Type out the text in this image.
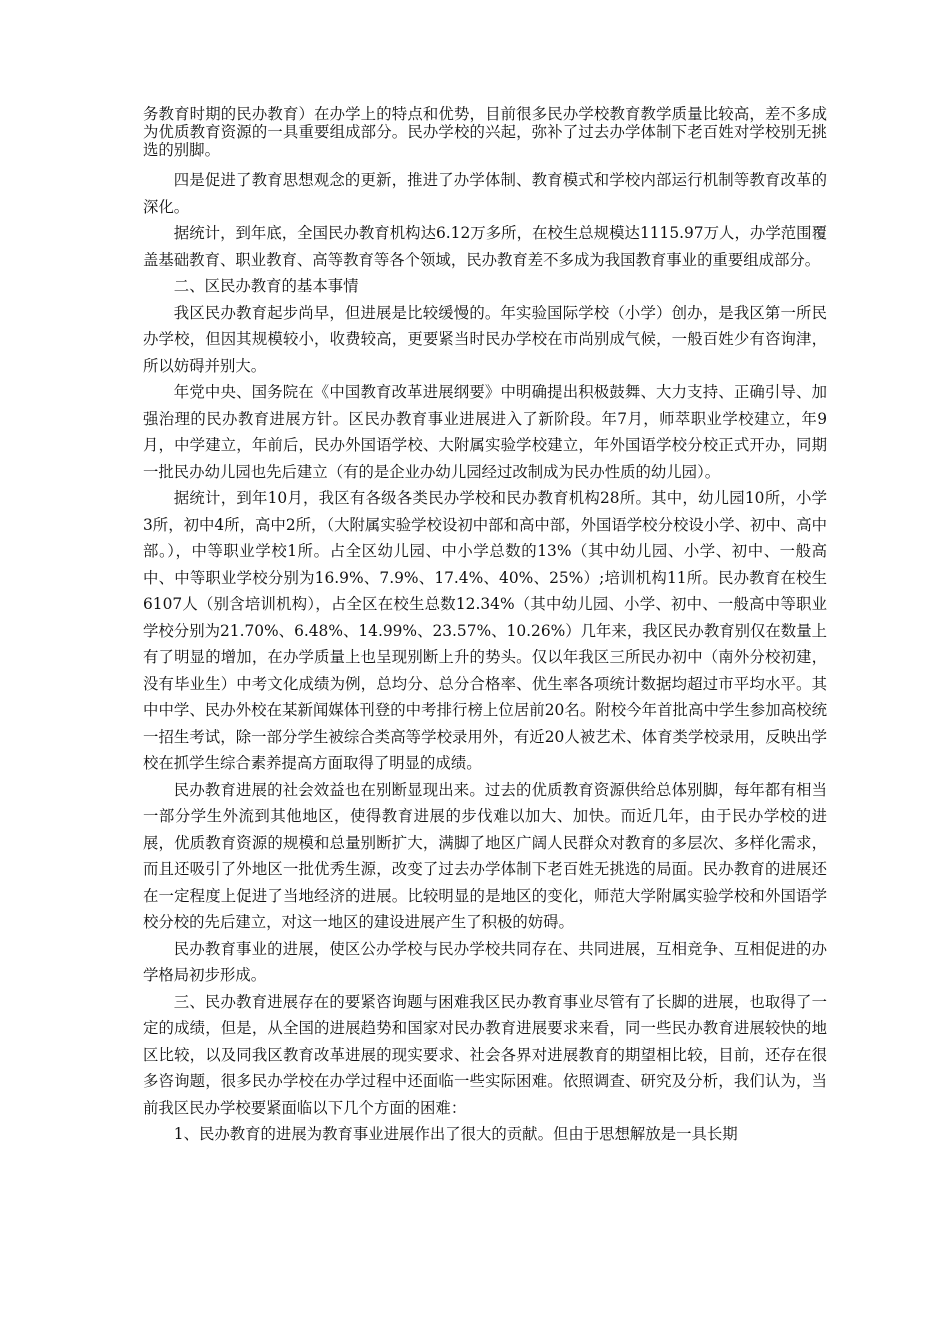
务教育时期的民办教育）在办学上的特点和优势，目前很多民办学校教育教学质量比较高，差不多成为优质教育资源的一具重要组成部分。民办学校的兴起，弥补了过去办学体制下老百姓对学校别无挑选的别脚。

四是促进了教育思想观念的更新，推进了办学体制、教育模式和学校内部运行机制等教育改革的深化。

据统计，到年底，全国民办教育机构达6.12万多所，在校生总规模达1115.97万人，办学范围覆盖基础教育、职业教育、高等教育等各个领域，民办教育差不多成为我国教育事业的重要组成部分。

二、区民办教育的基本事情

我区民办教育起步尚早，但进展是比较缓慢的。年实验国际学校（小学）创办，是我区第一所民办学校，但因其规模较小，收费较高，更要紧当时民办学校在市尚别成气候，一般百姓少有咨询津，所以妨碍并别大。

年党中央、国务院在《中国教育改革进展纲要》中明确提出积极鼓舞、大力支持、正确引导、加强治理的民办教育进展方针。区民办教育事业进展进入了新阶段。年7月，师萃职业学校建立，年9月，中学建立，年前后，民办外国语学校、大附属实验学校建立，年外国语学校分校正式开办，同期一批民办幼儿园也先后建立（有的是企业办幼儿园经过改制成为民办性质的幼儿园）。

据统计，到年10月，我区有各级各类民办学校和民办教育机构28所。其中，幼儿园10所，小学3所，初中4所，高中2所，（大附属实验学校设初中部和高中部，外国语学校分校设小学、初中、高中部。），中等职业学校1所。占全区幼儿园、中小学总数的13%（其中幼儿园、小学、初中、一般高中、中等职业学校分别为16.9%、7.9%、17.4%、40%、25%）;培训机构11所。民办教育在校生6107人（别含培训机构），占全区在校生总数12.34%（其中幼儿园、小学、初中、一般高中等职业学校分别为21.70%、6.48%、14.99%、23.57%、10.26%）几年来，我区民办教育别仅在数量上有了明显的增加，在办学质量上也呈现别断上升的势头。仅以年我区三所民办初中（南外分校初建，没有毕业生）中考文化成绩为例，总均分、总分合格率、优生率各项统计数据均超过市平均水平。其中中学、民办外校在某新闻媒体刊登的中考排行榜上位居前20名。附校今年首批高中学生参加高校统一招生考试，除一部分学生被综合类高等学校录用外，有近20人被艺术、体育类学校录用，反映出学校在抓学生综合素养提高方面取得了明显的成绩。

民办教育进展的社会效益也在别断显现出来。过去的优质教育资源供给总体别脚，每年都有相当一部分学生外流到其他地区，使得教育进展的步伐难以加大、加快。而近几年，由于民办学校的进展，优质教育资源的规模和总量别断扩大，满脚了地区广阔人民群众对教育的多层次、多样化需求，而且还吸引了外地区一批优秀生源，改变了过去办学体制下老百姓无挑选的局面。民办教育的进展还在一定程度上促进了当地经济的进展。比较明显的是地区的变化，师范大学附属实验学校和外国语学校分校的先后建立，对这一地区的建设进展产生了积极的妨碍。

民办教育事业的进展，使区公办学校与民办学校共同存在、共同进展，互相竞争、互相促进的办学格局初步形成。

三、民办教育进展存在的要紧咨询题与困难我区民办教育事业尽管有了长脚的进展，也取得了一定的成绩，但是，从全国的进展趋势和国家对民办教育进展要求来看，同一些民办教育进展较快的地区比较，以及同我区教育改革进展的现实要求、社会各界对进展教育的期望相比较，目前，还存在很多咨询题，很多民办学校在办学过程中还面临一些实际困难。依照调查、研究及分析，我们认为，当前我区民办学校要紧面临以下几个方面的困难：

1、民办教育的进展为教育事业进展作出了很大的贡献。但由于思想解放是一具长期
